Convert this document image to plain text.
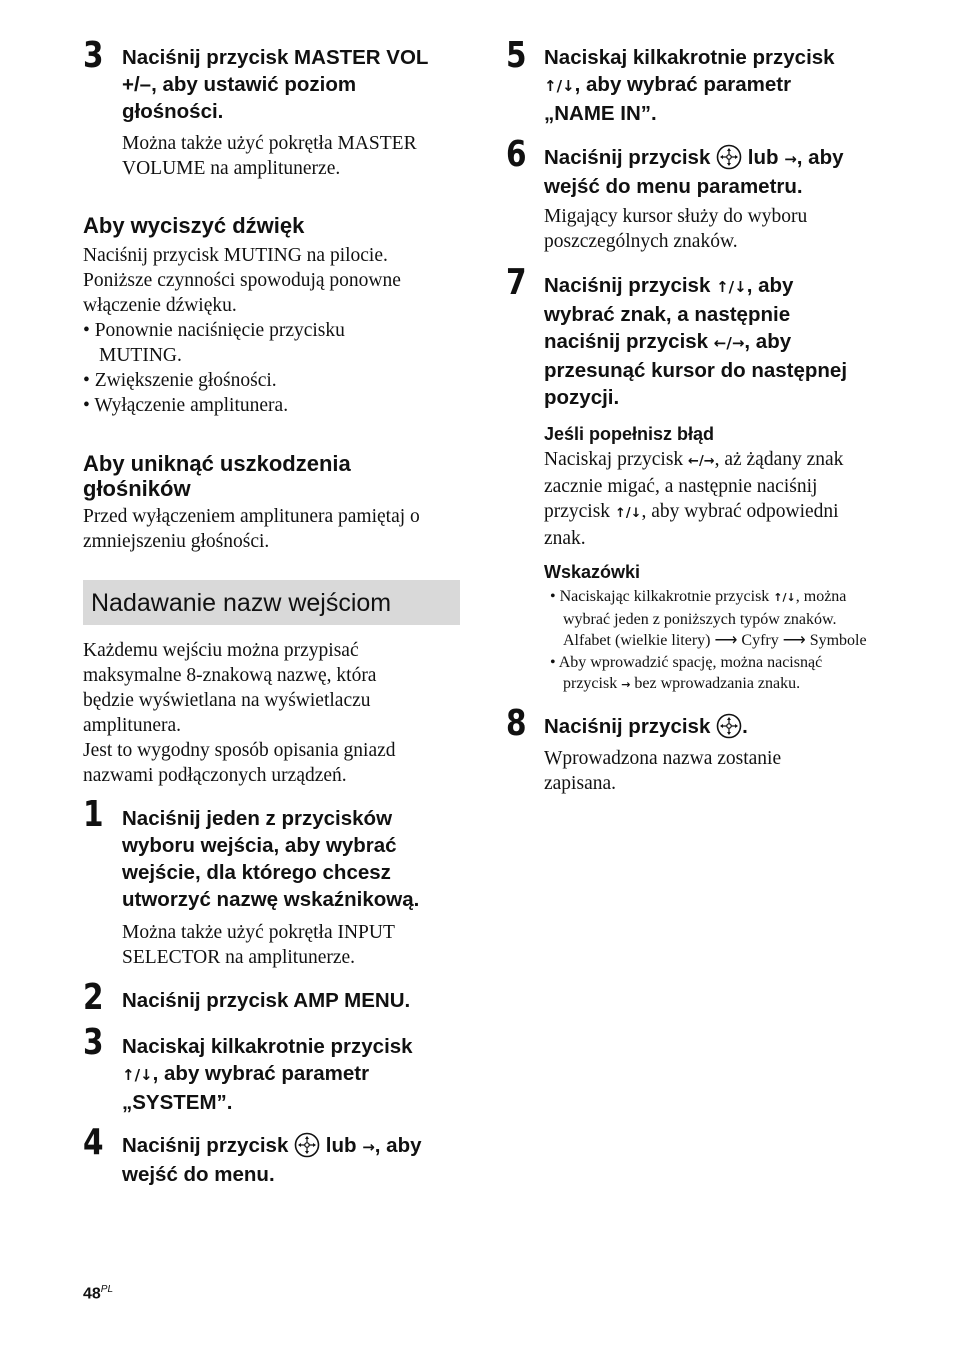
3 Naciśnij przycisk MASTER VOL
+/–, aby ustawić poziom
głośności.
Można także użyć pokrętła MASTER
VOLUME na amplitunerze.
Aby wyciszyć dźwięk
Naciśnij przycisk MUTING na pilocie.
Poniższe czynności spowodują ponowne
włączenie dźwięku.
• Ponownie naciśnięcie przycisku
MUTING.
• Zwiększenie głośności.
• Wyłączenie amplitunera.
Aby uniknąć uszkodzenia
głośników
Przed wyłączeniem amplitunera pamiętaj o
zmniejszeniu głośności.
Nadawanie nazw wejściom
Każdemu wejściu można przypisać
maksymalne 8-znakową nazwę, która
będzie wyświetlana na wyświetlaczu
amplitunera.
Jest to wygodny sposób opisania gniazd
nazwami podłączonych urządzeń.
1 Naciśnij jeden z przycisków
wyboru wejścia, aby wybrać
wejście, dla którego chcesz
utworzyć nazwę wskaźnikową.
Można także użyć pokrętła INPUT
SELECTOR na amplitunerze.
2 Naciśnij przycisk AMP MENU.
3 Naciskaj kilkakrotnie przycisk
↑/↓, aby wybrać parametr
„SYSTEM”.
4 Naciśnij przycisk  lub →, aby
wejść do menu.
5 Naciskaj kilkakrotnie przycisk
↑/↓, aby wybrać parametr
„NAME IN”.
6 Naciśnij przycisk  lub →, aby
wejść do menu parametru.
Migający kursor służy do wyboru
poszczególnych znaków.
7 Naciśnij przycisk ↑/↓, aby
wybrać znak, a następnie
naciśnij przycisk ←/→, aby
przesunąć kursor do następnej
pozycji.
Jeśli popełnisz błąd
Naciskaj przycisk ←/→, aż żądany znak
zacznie migać, a następnie naciśnij
przycisk ↑/↓, aby wybrać odpowiedni
znak.
Wskazówki
• Naciskając kilkakrotnie przycisk ↑/↓, można
wybrać jeden z poniższych typów znaków.
Alfabet (wielkie litery) ⟶ Cyfry ⟶ Symbole
• Aby wprowadzić spację, można nacisnąć
przycisk → bez wprowadzania znaku.
8 Naciśnij przycisk .
Wprowadzona nazwa zostanie
zapisana.
$48^{PL}$
